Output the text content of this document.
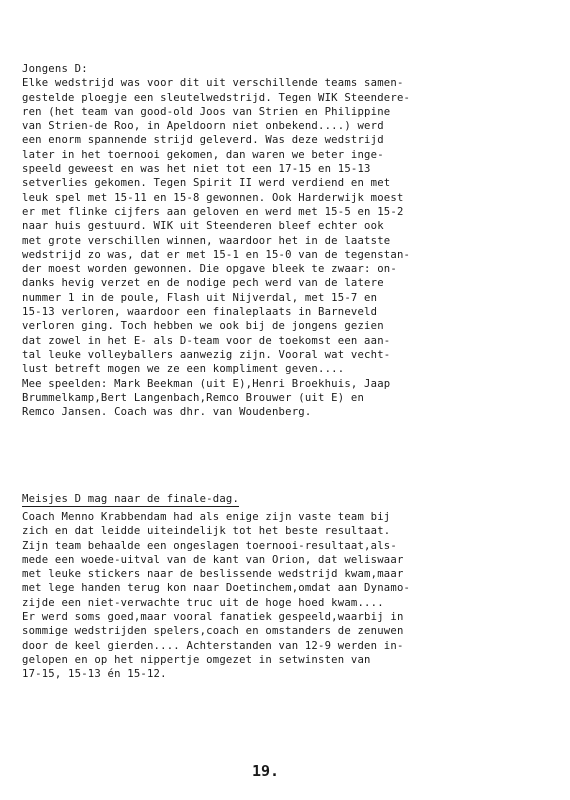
Jongens D:
Elke wedstrijd was voor dit uit verschillende teams samen-
gestelde ploegje een sleutelwedstrijd. Tegen WIK Steendere-
ren (het team van good-old Joos van Strien en Philippine
van Strien-de Roo, in Apeldoorn niet onbekend....) werd
een enorm spannende strijd geleverd. Was deze wedstrijd
later in het toernooi gekomen, dan waren we beter inge-
speeld geweest en was het niet tot een 17-15 en 15-13
setverlies gekomen. Tegen Spirit II werd verdiend en met
leuk spel met 15-11 en 15-8 gewonnen. Ook Harderwijk moest
er met flinke cijfers aan geloven en werd met 15-5 en 15-2
naar huis gestuurd. WIK uit Steenderen bleef echter ook
met grote verschillen winnen, waardoor het in de laatste
wedstrijd zo was, dat er met 15-1 en 15-0 van de tegenstan-
der moest worden gewonnen. Die opgave bleek te zwaar: on-
danks hevig verzet en de nodige pech werd van de latere
nummer 1 in de poule, Flash uit Nijverdal, met 15-7 en
15-13 verloren, waardoor een finaleplaats in Barneveld
verloren ging. Toch hebben we ook bij de jongens gezien
dat zowel in het E- als D-team voor de toekomst een aan-
tal leuke volleyballers aanwezig zijn. Vooral wat vecht-
lust betreft mogen we ze een kompliment geven....
Mee speelden: Mark Beekman (uit E),Henri Broekhuis, Jaap
Brummelkamp,Bert Langenbach,Remco Brouwer (uit E) en
Remco Jansen. Coach was dhr. van Woudenberg.
Meisjes D mag naar de finale-dag.
Coach Menno Krabbendam had als enige zijn vaste team bij
zich en dat leidde uiteindelijk tot het beste resultaat.
Zijn team behaalde een ongeslagen toernooi-resultaat,als-
mede een woede-uitval van de kant van Orion, dat weliswaar
met leuke stickers naar de beslissende wedstrijd kwam,maar
met lege handen terug kon naar Doetinchem,omdat aan Dynamo-
zijde een niet-verwachte truc uit de hoge hoed kwam....
Er werd soms goed,maar vooral fanatiek gespeeld,waarbij in
sommige wedstrijden spelers,coach en omstanders de zenuwen
door de keel gierden.... Achterstanden van 12-9 werden in-
gelopen en op het nippertje omgezet in setwinsten van
17-15, 15-13 én 15-12.
19.
